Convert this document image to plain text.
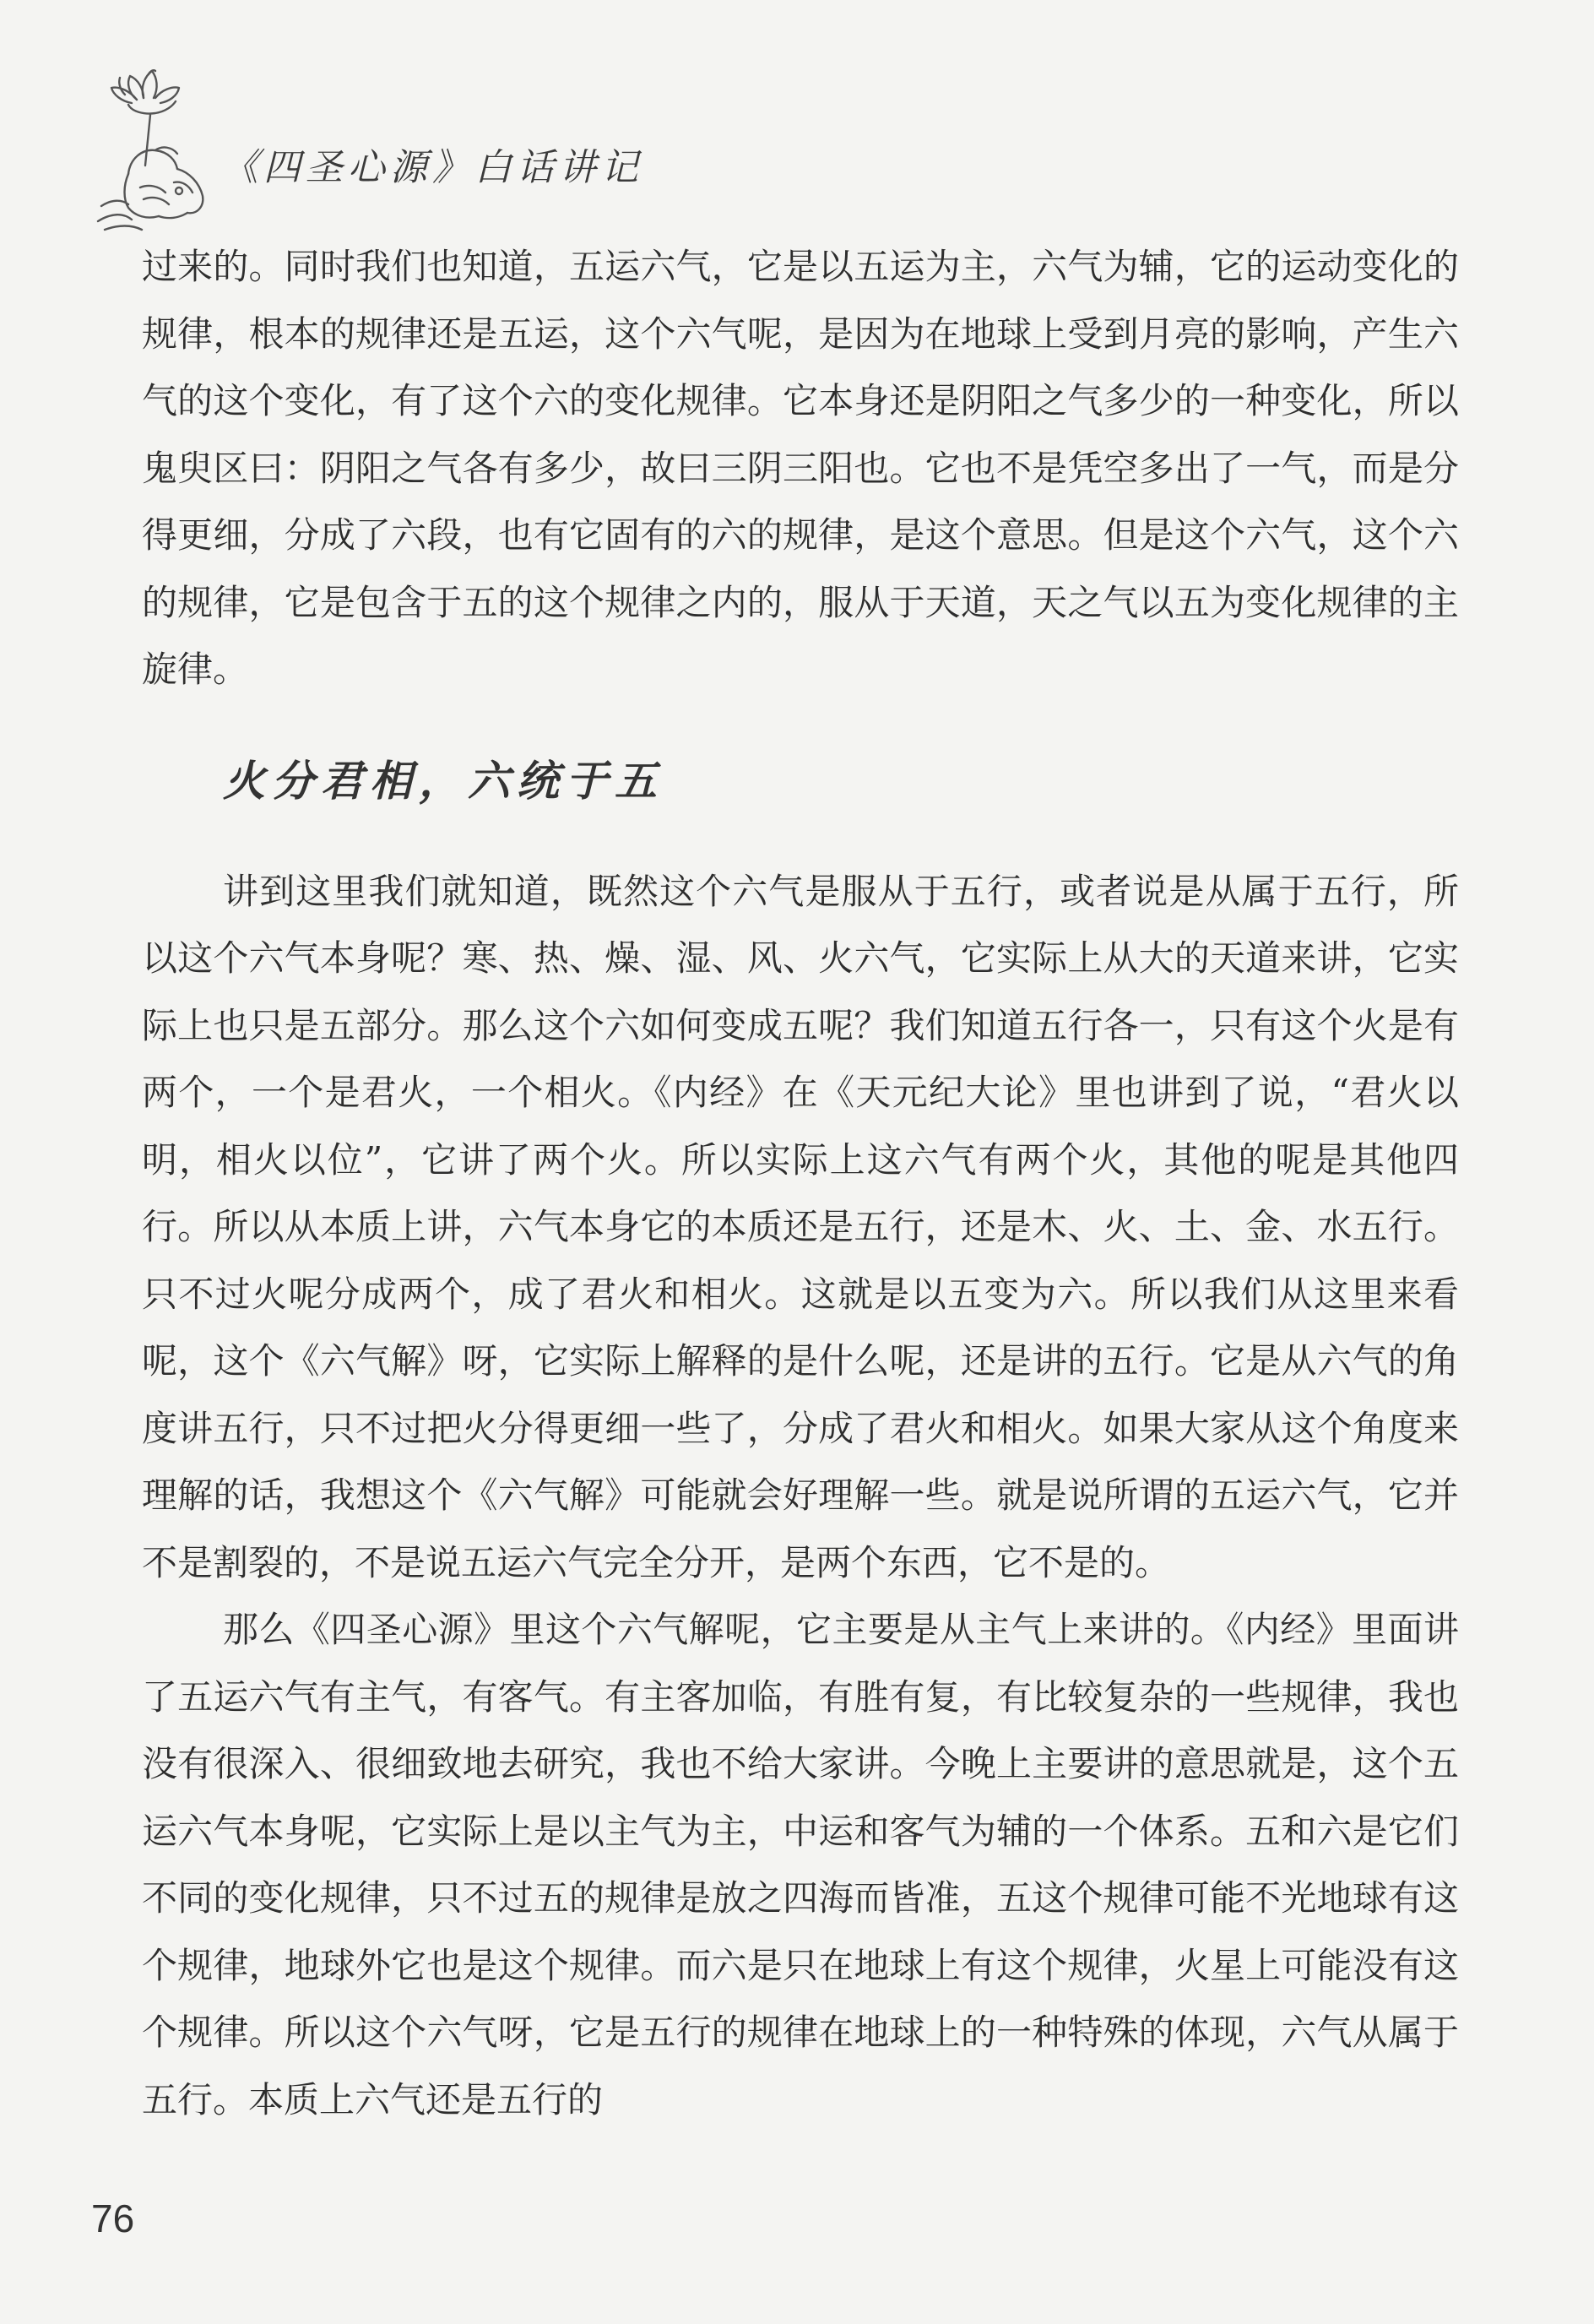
《四圣心源》白话讲记

过来的。同时我们也知道，五运六气，它是以五运为主，六气为辅，它的运动变化的规律，根本的规律还是五运，这个六气呢，是因为在地球上受到月亮的影响，产生六气的这个变化，有了这个六的变化规律。它本身还是阴阳之气多少的一种变化，所以鬼臾区曰：阴阳之气各有多少，故曰三阴三阳也。它也不是凭空多出了一气，而是分得更细，分成了六段，也有它固有的六的规律，是这个意思。但是这个六气，这个六的规律，它是包含于五的这个规律之内的，服从于天道，天之气以五为变化规律的主旋律。

火分君相，六统于五

讲到这里我们就知道，既然这个六气是服从于五行，或者说是从属于五行，所以这个六气本身呢？寒、热、燥、湿、风、火六气，它实际上从大的天道来讲，它实际上也只是五部分。那么这个六如何变成五呢？我们知道五行各一，只有这个火是有两个，一个是君火，一个相火。《内经》在《天元纪大论》里也讲到了说，“君火以明，相火以位”，它讲了两个火。所以实际上这六气有两个火，其他的呢是其他四行。所以从本质上讲，六气本身它的本质还是五行，还是木、火、土、金、水五行。只不过火呢分成两个，成了君火和相火。这就是以五变为六。所以我们从这里来看呢，这个《六气解》呀，它实际上解释的是什么呢，还是讲的五行。它是从六气的角度讲五行，只不过把火分得更细一些了，分成了君火和相火。如果大家从这个角度来理解的话，我想这个《六气解》可能就会好理解一些。就是说所谓的五运六气，它并不是割裂的，不是说五运六气完全分开，是两个东西，它不是的。

那么《四圣心源》里这个六气解呢，它主要是从主气上来讲的。《内经》里面讲了五运六气有主气，有客气。有主客加临，有胜有复，有比较复杂的一些规律，我也没有很深入、很细致地去研究，我也不给大家讲。今晚上主要讲的意思就是，这个五运六气本身呢，它实际上是以主气为主，中运和客气为辅的一个体系。五和六是它们不同的变化规律，只不过五的规律是放之四海而皆准，五这个规律可能不光地球有这个规律，地球外它也是这个规律。而六是只在地球上有这个规律，火星上可能没有这个规律。所以这个六气呀，它是五行的规律在地球上的一种特殊的体现，六气从属于五行。本质上六气还是五行的

76
